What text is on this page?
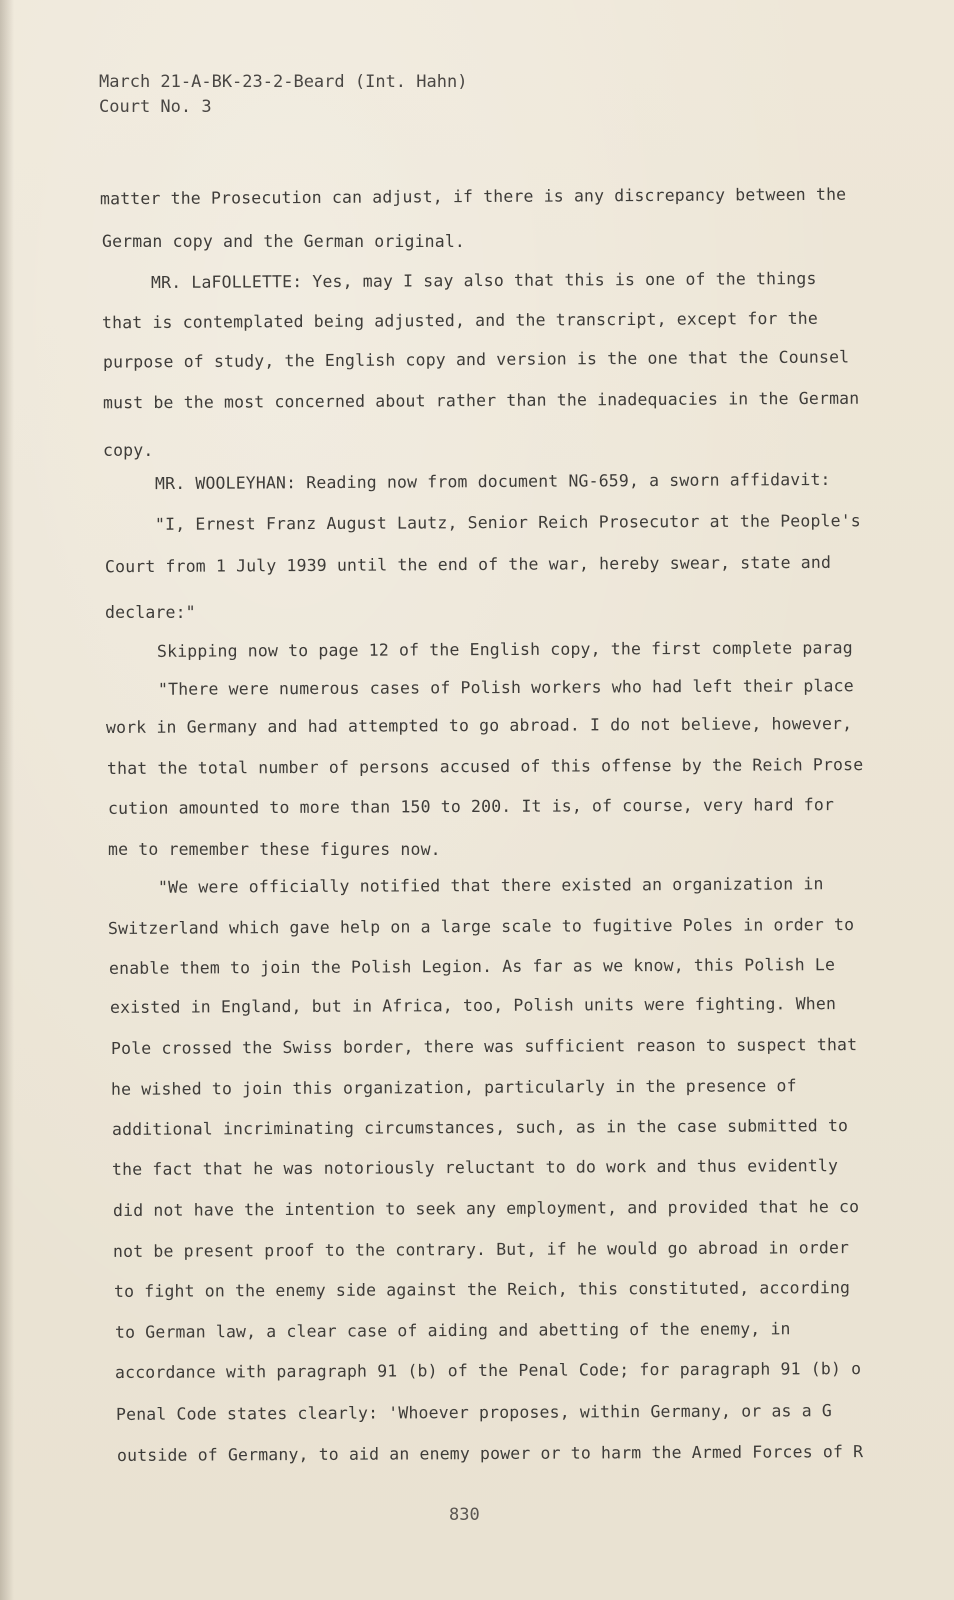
March 21-A-BK-23-2-Beard (Int. Hahn)
Court No. 3
matter the Prosecution can adjust, if there is any discrepancy between the
German copy and the German original.
MR. LaFOLLETTE: Yes, may I say also that this is one of the things
that is contemplated being adjusted, and the transcript, except for the
purpose of study, the English copy and version is the one that the Counsel
must be the most concerned about rather than the inadequacies in the German
copy.
MR. WOOLEYHAN: Reading now from document NG-659, a sworn affidavit:
"I, Ernest Franz August Lautz, Senior Reich Prosecutor at the People's
Court from 1 July 1939 until the end of the war, hereby swear, state and
declare:"
Skipping now to page 12 of the English copy, the first complete parag
"There were numerous cases of Polish workers who had left their place
work in Germany and had attempted to go abroad. I do not believe, however,
that the total number of persons accused of this offense by the Reich Prose
cution amounted to more than 150 to 200. It is, of course, very hard for
me to remember these figures now.
"We were officially notified that there existed an organization in
Switzerland which gave help on a large scale to fugitive Poles in order to
enable them to join the Polish Legion. As far as we know, this Polish Le
existed in England, but in Africa, too, Polish units were fighting. When
Pole crossed the Swiss border, there was sufficient reason to suspect that
he wished to join this organization, particularly in the presence of
additional incriminating circumstances, such, as in the case submitted to
the fact that he was notoriously reluctant to do work and thus evidently
did not have the intention to seek any employment, and provided that he co
not be present proof to the contrary. But, if he would go abroad in order
to fight on the enemy side against the Reich, this constituted, according
to German law, a clear case of aiding and abetting of the enemy, in
accordance with paragraph 91 (b) of the Penal Code; for paragraph 91 (b) o
Penal Code states clearly: 'Whoever proposes, within Germany, or as a G
outside of Germany, to aid an enemy power or to harm the Armed Forces of R
830
